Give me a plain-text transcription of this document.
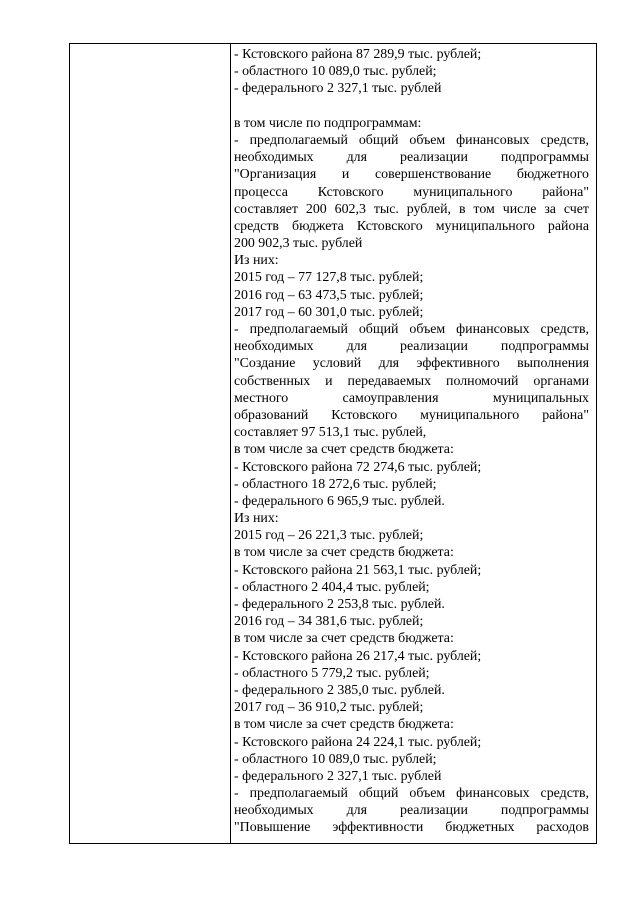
- Кстовского района 87 289,9 тыс. рублей;
- областного 10 089,0 тыс. рублей;
- федерального 2 327,1 тыс. рублей
в том числе по подпрограммам:
- предполагаемый общий объем финансовых средств,
необходимых для реализации подпрограммы
"Организация и совершенствование бюджетного
процесса Кстовского муниципального района"
составляет 200 602,3 тыс. рублей, в том числе за счет
средств бюджета Кстовского муниципального района
200 902,3 тыс. рублей
Из них:
2015 год – 77 127,8 тыс. рублей;
2016 год – 63 473,5 тыс. рублей;
2017 год – 60 301,0 тыс. рублей;
- предполагаемый общий объем финансовых средств,
необходимых для реализации подпрограммы
"Создание условий для эффективного выполнения
собственных и передаваемых полномочий органами
местного самоуправления муниципальных
образований Кстовского муниципального района"
составляет 97 513,1 тыс. рублей,
в том числе за счет средств бюджета:
- Кстовского района 72 274,6 тыс. рублей;
- областного 18 272,6 тыс. рублей;
- федерального 6 965,9 тыс. рублей.
Из них:
2015 год – 26 221,3 тыс. рублей;
в том числе за счет средств бюджета:
- Кстовского района 21 563,1 тыс. рублей;
- областного 2 404,4 тыс. рублей;
- федерального 2 253,8 тыс. рублей.
2016 год – 34 381,6 тыс. рублей;
в том числе за счет средств бюджета:
- Кстовского района 26 217,4 тыс. рублей;
- областного 5 779,2 тыс. рублей;
- федерального 2 385,0 тыс. рублей.
2017 год – 36 910,2 тыс. рублей;
в том числе за счет средств бюджета:
- Кстовского района 24 224,1 тыс. рублей;
- областного 10 089,0 тыс. рублей;
- федерального 2 327,1 тыс. рублей
- предполагаемый общий объем финансовых средств,
необходимых для реализации подпрограммы
"Повышение эффективности бюджетных расходов
